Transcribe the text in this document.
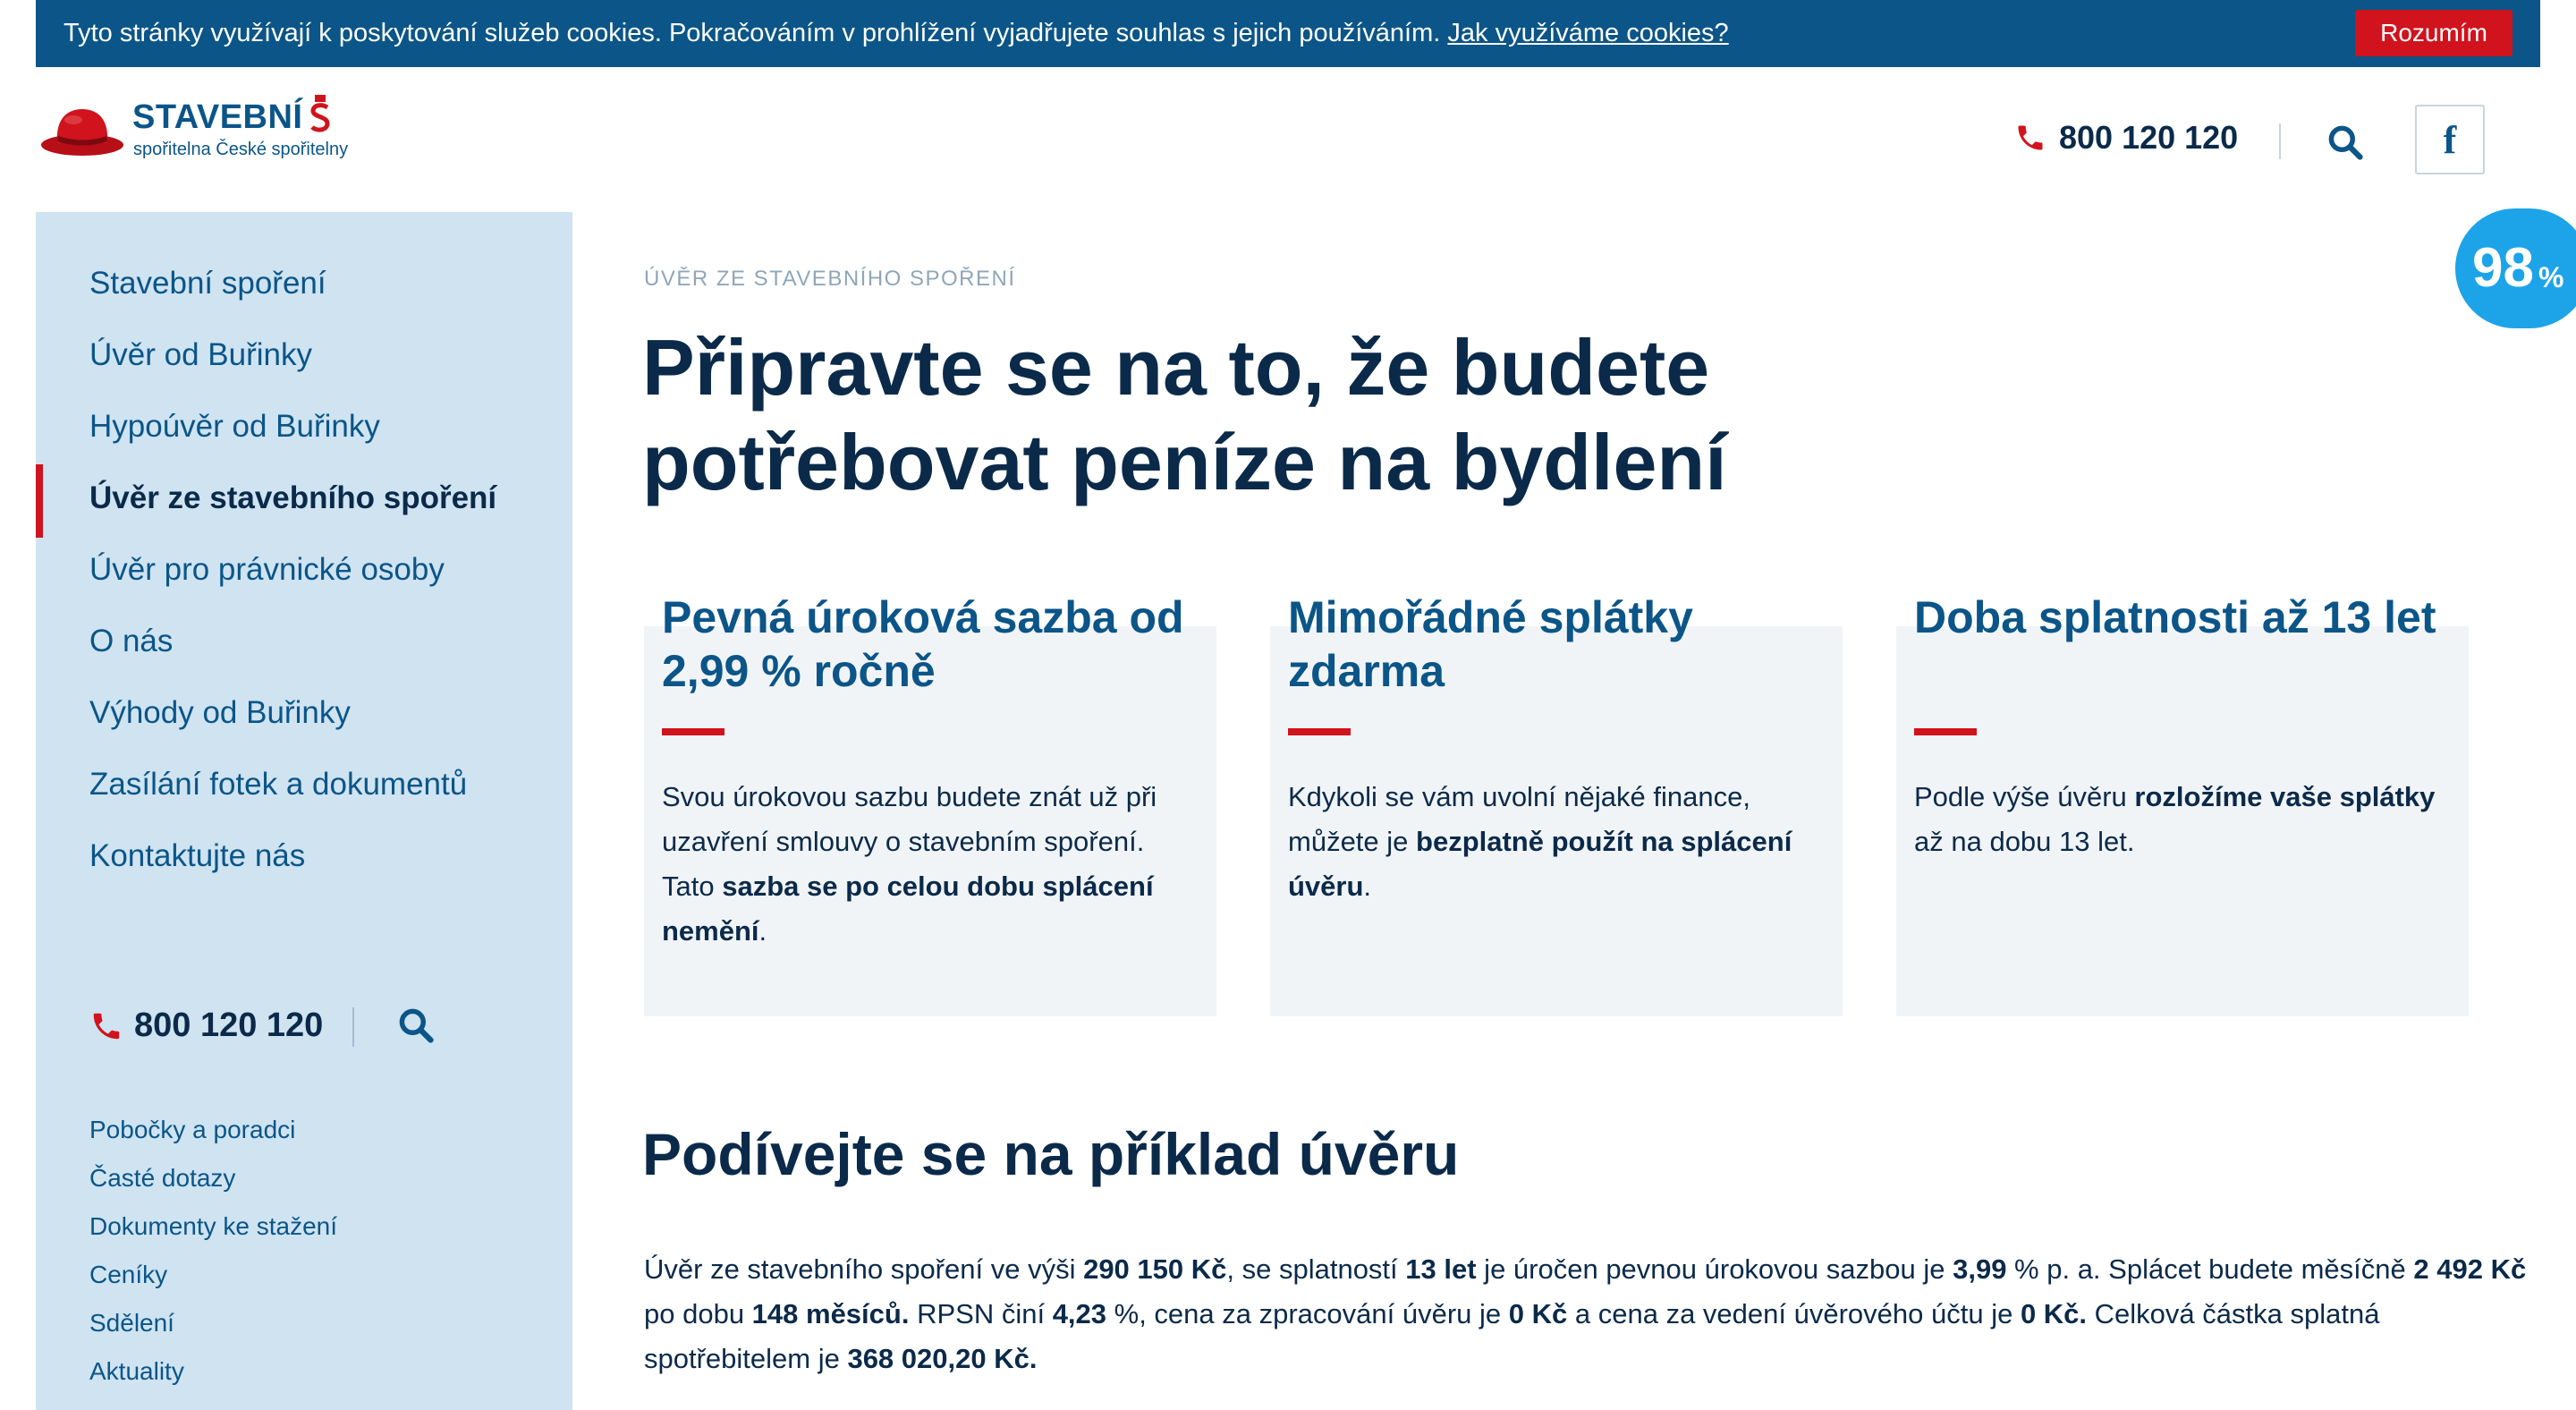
Tyto stránky využívají k poskytování služeb cookies. Pokračováním v prohlížení vyjadřujete souhlas s jejich používáním. Jak využíváme cookies?	Rozumím
STAVEBNÍ
spořitelna České spořitelny	800 120 120	f
98 %
Stavební spoření
Úvěr od Buřinky
Hypoúvěr od Buřinky
Úvěr ze stavebního spoření
Úvěr pro právnické osoby
O nás
Výhody od Buřinky
Zasílání fotek a dokumentů
Kontaktujte nás
800 120 120
Pobočky a poradci
Časté dotazy
Dokumenty ke stažení
Ceníky
Sdělení
Aktuality
ÚVĚR ZE STAVEBNÍHO SPOŘENÍ
Připravte se na to, že budete potřebovat peníze na bydlení
Pevná úroková sazba od 2,99 % ročně

Svou úrokovou sazbu budete znát už při uzavření smlouvy o stavebním spoření. Tato sazba se po celou dobu splácení nemění.

Mimořádné splátky zdarma

Kdykoli se vám uvolní nějaké finance, můžete je bezplatně použít na splácení úvěru.

Doba splatnosti až 13 let

Podle výše úvěru rozložíme vaše splátky až na dobu 13 let.

Podívejte se na příklad úvěru

Úvěr ze stavebního spoření ve výši 290 150 Kč, se splatností 13 let je úročen pevnou úrokovou sazbou je 3,99 % p. a. Splácet budete měsíčně 2 492 Kč po dobu 148 měsíců. RPSN činí 4,23 %, cena za zpracování úvěru je 0 Kč a cena za vedení úvěrového účtu je 0 Kč. Celková částka splatná spotřebitelem je 368 020,20 Kč.
